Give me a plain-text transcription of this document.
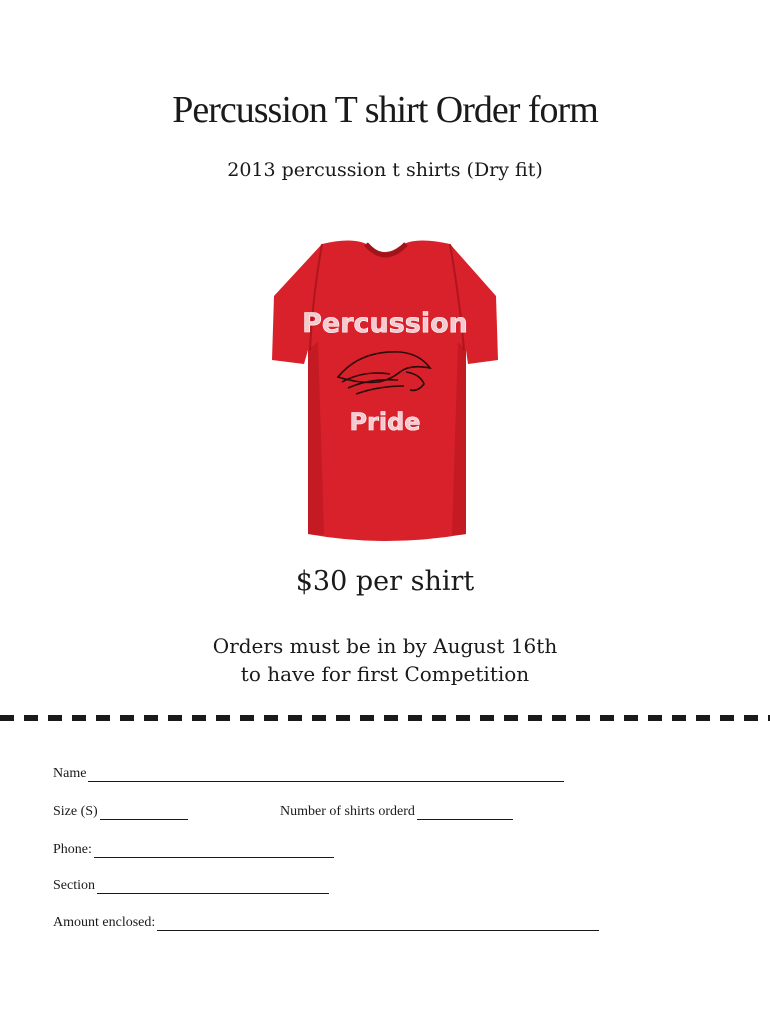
Percussion T shirt Order form
2013 percussion t shirts (Dry fit)
Percussion
Pride
$30 per shirt
Orders must be in by August 16th
to have for first Competition
Name
Size (S)	Number of shirts orderd
Phone:
Section
Amount enclosed:
